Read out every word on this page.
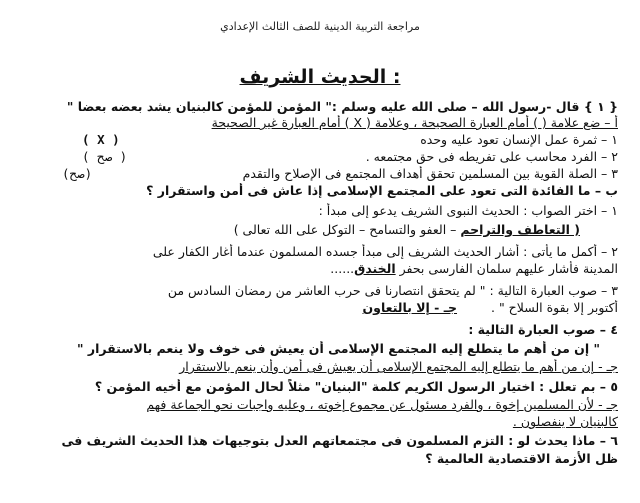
مراجعة التربية الدينية للصف الثالث الإعدادي
: الحديث الشريف
{ ١ } قال -رسول الله – صلى الله عليه وسلم :" المؤمن للمؤمن كالبنيان يشد بعضه بعضا "
أ – ضع علامة ( ) أمام العبارة الصحيحة ، وعلامة ( X ) أمام العبارة غير الصحيحة
١ – ثمرة عمل الإنسان تعود عليه وحده
( X )
٢ – الفرد محاسب على تفريطه فى حق مجتمعه .
( صح )
٣ – الصلة القوية بين المسلمين تحقق أهداف المجتمع فى الإصلاح والتقدم
(صح)
ب – ما الفائدة التى تعود على المجتمع الإسلامى إذا عاش فى أمن واستقرار ؟
١ – اختر الصواب : الحديث النبوى الشريف يدعو إلى مبدأ :
( التعاطف والتراحم – العفو والتسامح – التوكل على الله تعالى )
٢ – أكمل ما يأتى : أشار الحديث الشريف إلى مبدأ جسده المسلمون عندما أغار الكفار على
المدينة فأشار عليهم سلمان الفارسى بحفر الخندق......
٣ – صوب العبارة التالية : " لم يتحقق انتصارنا فى حرب العاشر من رمضان السادس من
أكتوبر إلا بقوة السلاح " . جـ - إلا بالتعاون
٤ – صوب العبارة التالية :
" إن من أهم ما يتطلع إليه المجتمع الإسلامى أن يعيش فى خوف ولا ينعم بالاستقرار "
جـ - إن من أهم ما يتطلع إليه المجتمع الإسلامى أن يعيش فى أمن وأن ينعم بالاستقرار
٥ – بم تعلل : اختيار الرسول الكريم كلمة "البنيان" مثلاً لحال المؤمن مع أخيه المؤمن ؟
جـ - لأن المسلمين إخوة ، والفرد مسئول عن مجموع إخوته ، وعليه واجبات نحو الجماعة فهم
كالبنيان لا ينفصلون .
٦ – ماذا يحدث لو : التزم المسلمون فى مجتمعاتهم العدل بتوجيهات هذا الحديث الشريف فى
ظل الأزمة الاقتصادية العالمية ؟
